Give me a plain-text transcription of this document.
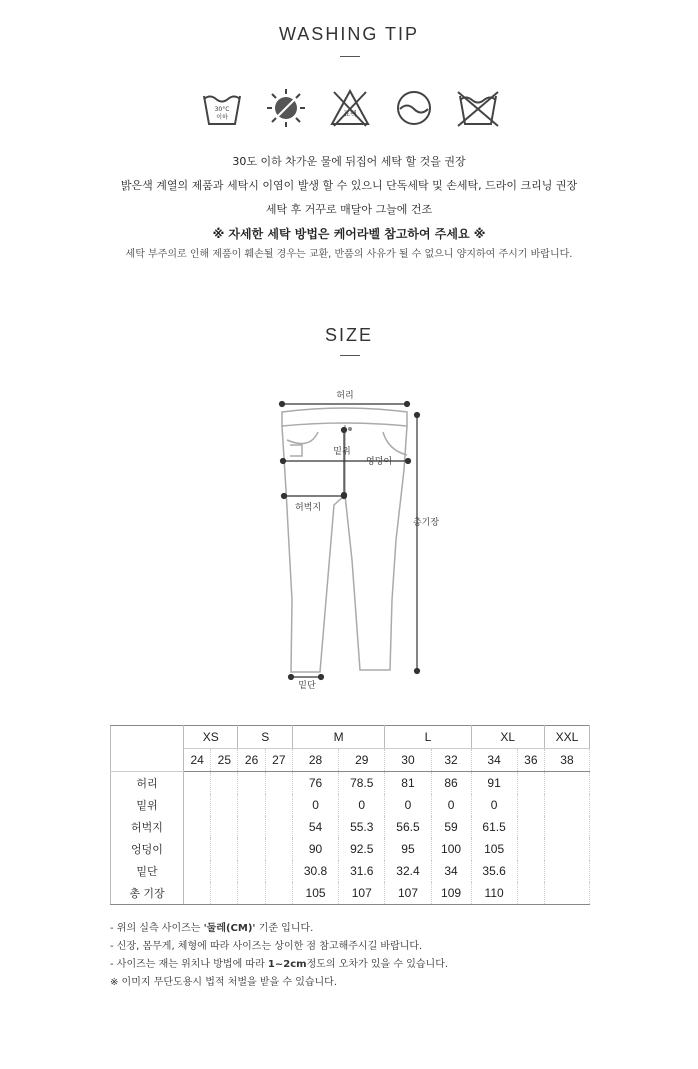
WASHING TIP
30°C
이하	표백
30도 이하 차가운 물에 뒤집어 세탁 할 것을 권장
밝은색 계열의 제품과 세탁시 이염이 발생 할 수 있으니 단독세탁 및 손세탁, 드라이 크리닝 권장
세탁 후 거꾸로 매달아 그늘에 건조
※ 자세한 세탁 방법은 케어라벨 참고하여 주세요 ※
세탁 부주의로 인해 제품이 훼손될 경우는 교환, 반품의 사유가 될 수 없으니 양지하여 주시기 바랍니다.
SIZE
허리
밑위
엉덩이
허벅지
총기장
밑단
	XS		S		M		L		XL		XXL
	24	25	26	27	28	29	30	32	34	36	38
허리					76	78.5	81	86	91		
밑위					0	0	0	0	0		
허벅지					54	55.3	56.5	59	61.5		
엉덩이					90	92.5	95	100	105		
밑단					30.8	31.6	32.4	34	35.6		
총 기장					105	107	107	109	110		
- 위의 실측 사이즈는 '둘레(CM)' 기준 입니다.
- 신장, 몸무게, 체형에 따라 사이즈는 상이한 점 참고해주시길 바랍니다.
- 사이즈는 재는 위치나 방법에 따라 1~2cm정도의 오차가 있을 수 있습니다.
※ 이미지 무단도용시 법적 처벌을 받을 수 있습니다.
